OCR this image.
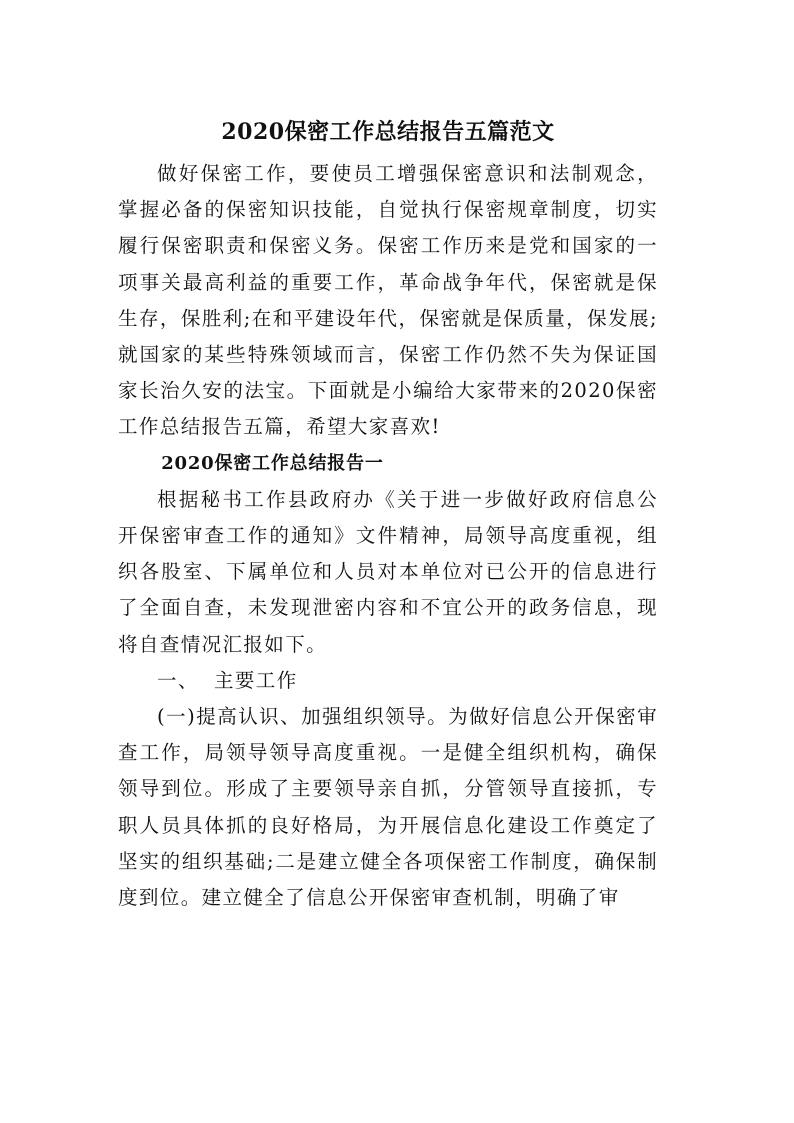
2020保密工作总结报告五篇范文

做好保密工作，要使员工增强保密意识和法制观念，掌握必备的保密知识技能，自觉执行保密规章制度，切实履行保密职责和保密义务。保密工作历来是党和国家的一项事关最高利益的重要工作，革命战争年代，保密就是保生存，保胜利;在和平建设年代，保密就是保质量，保发展;就国家的某些特殊领域而言，保密工作仍然不失为保证国家长治久安的法宝。下面就是小编给大家带来的2020保密工作总结报告五篇，希望大家喜欢!

2020保密工作总结报告一

根据秘书工作县政府办《关于进一步做好政府信息公开保密审查工作的通知》文件精神，局领导高度重视，组织各股室、下属单位和人员对本单位对已公开的信息进行了全面自查，未发现泄密内容和不宜公开的政务信息，现将自查情况汇报如下。

一、  主要工作

(一)提高认识、加强组织领导。为做好信息公开保密审查工作，局领导领导高度重视。一是健全组织机构，确保领导到位。形成了主要领导亲自抓，分管领导直接抓，专职人员具体抓的良好格局，为开展信息化建设工作奠定了坚实的组织基础;二是建立健全各项保密工作制度，确保制度到位。建立健全了信息公开保密审查机制，明确了审
